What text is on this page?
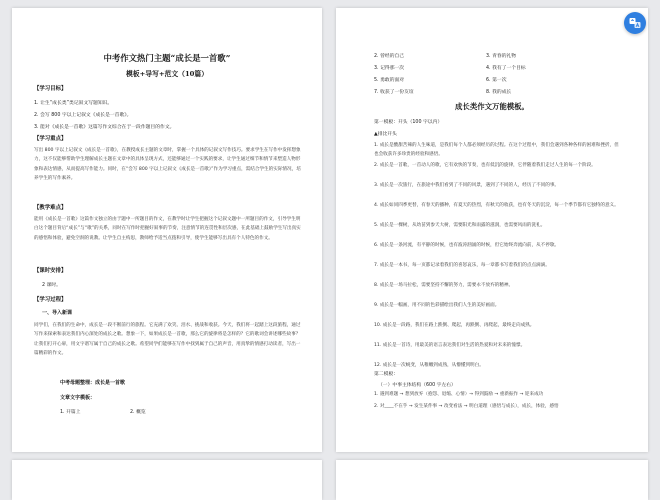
中考作文热门主题“成长是一首歌”
模板+导写+范文（10篇）
【学习目标】
1. 让生“成长类”类记叙文写题知识。
2. 会写 800 字以上记叙文《成长是一首歌》。
3. 能对《成长是一首歌》这篇写作文综合在于一段作题目的作文。
【学习重点】
写出 800 字以上记叙文《成长是一首歌》，在教授成长主题的文章时，掌握一个具体的记叙文写作技巧。要求学生在写作中发挥想象力，这不仅能够帮助学生理解成长主题在文章中的具体呈现方式，还能够通过一个实践的要求，让学生通过细节和情节来塑造人物形象和表达情感，从而提高写作能力。同时，在“会写 800 字以上记叙文《成长是一首歌》”作为学习重点，需结合学生的实际情况，培养学生的写作素养。
【教学难点】
能用《成长是一首歌》这篇作文独立的由于题中一所题目的作文，在教学时让学生把握这个记叙文题中一所题目的作文，引导学生明白这个题目背后“成长”与“歌”的关系，同时在写作时把握好叙事的节奏，注意情节的连贯性和层次感，在此基础上鼓励学生写出真实的感悟和体验，避免空洞的说教。让学生自主构思，教师给予适当点拨和引导，使学生能够写出具有个人特色的作文。
【课时安排】
2 课时。
【学习过程】
一、导入新课
同学们，在我们的生命中，成长是一段不断前行的旅程。它充满了欢笑、泪水、挑战和收获。今天，我们将一起踏上这段旅程，通过写作来探索和表达我们内心深处的成长之歌。想象一下，如果成长是一首歌，那么它的旋律将是怎样的？它的歌词会讲述哪些故事？让我们打开心扉，用文字谱写属于自己的成长之歌。希望同学们能够在写作中找到属于自己的声音，用真挚的情感打动读者，写出一篇精彩的作文。
中考母题整理：成长是一首歌
文章文字模板：
1. 开篇上	2. 概览
2. 曾经的自己	3. 青春的礼物
3. 记得那一次	4. 我有了一个目标
5. 勇敢的面对	6. 第一次
7. 收获了一份友谊	8. 我的成长
成长类作文万能模板。
第一模板：开头（100 字以内）
▲排比开头
1. 成长是酸甜苦辣的人生味道，是我们每个人都必须经历的过程。在这个过程中，我们会遇到各种各样的困难和挫折，但也会收获许多珍贵的经验和感悟。
2. 成长是一首歌，一首动人的歌，它有欢快的节奏，也有低沉的旋律，它伴随着我们走过人生的每一个阶段。
3. 成长是一次旅行，在旅途中我们看到了不同的风景，遇到了不同的人，经历了不同的事。
4. 成长如同四季更替，有春天的播种，有夏天的热烈，有秋天的收获，也有冬天的沉淀，每一个季节都有它独特的意义。
5. 成长是一棵树，从幼苗到参天大树，需要阳光和雨露的滋润，也需要风雨的洗礼。
6. 成长是一条河流，有平静的时候，也有波涛汹涌的时候，但它始终奔流向前，从不停歇。
7. 成长是一本书，每一页都记录着我们的喜怒哀乐，每一章都书写着我们的点点滴滴。
8. 成长是一场马拉松，需要坚持不懈的努力，需要永不放弃的精神。
9. 成长是一幅画，用不同的色彩描绘出我们人生的美好画面。
10. 成长是一段路，我们在路上跌倒、爬起，再跌倒、再爬起，最终走向成熟。
11. 成长是一首诗，用最美的语言表达我们对生活的热爱和对未来的憧憬。
12. 成长是一次蜕变，从稚嫩到成熟，从懵懂到明白。
第二模板：
（一）中事主体结构（600 字左右）
1. 遇到难题 → 想到放弃（抱怨、退缩、心情）→ 得到鼓励 → 重新振作 → 迎来成功
2. 对____不在乎 → 发生某件事 → 改变看法 → 明白道理（感悟与成长），成长，体验，感悟
